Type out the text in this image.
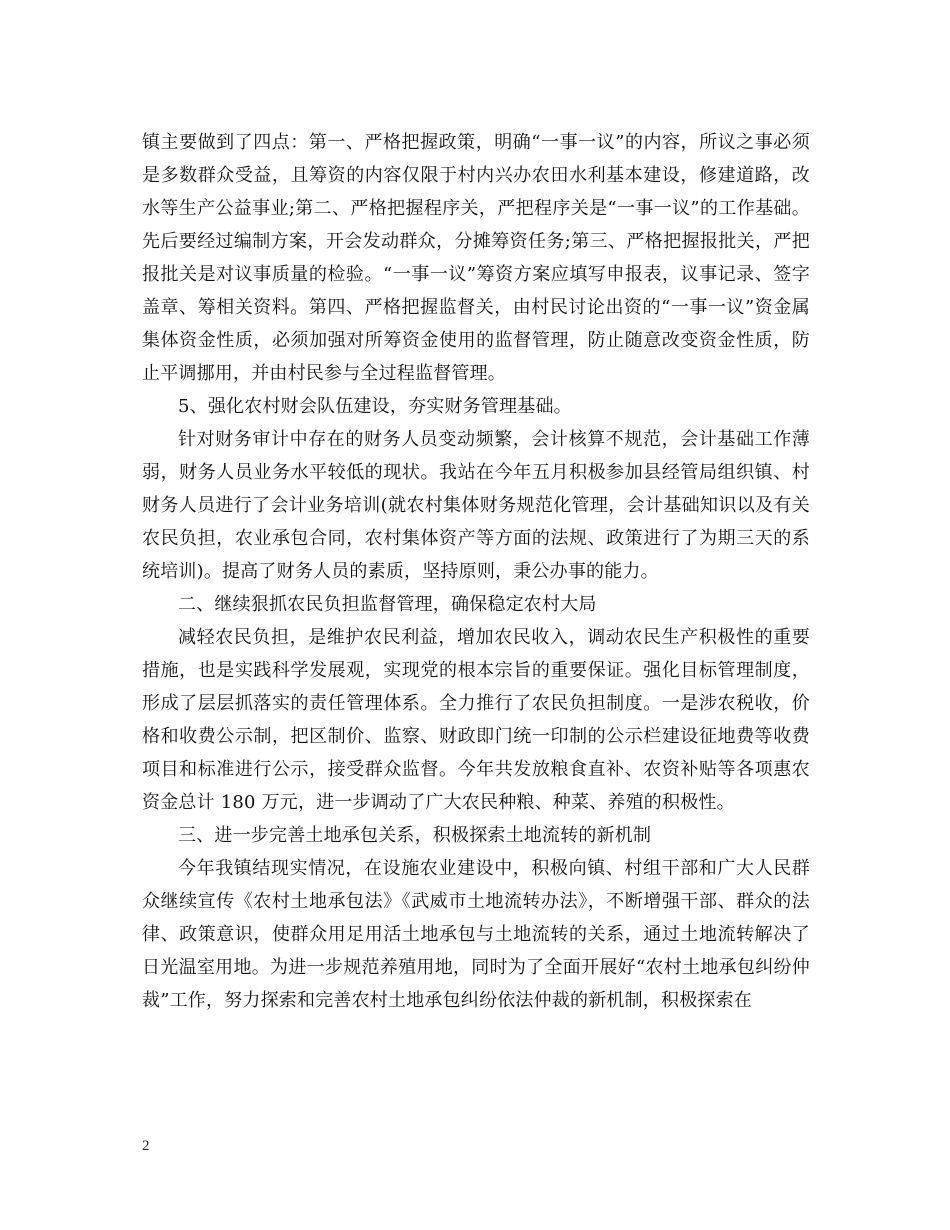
镇主要做到了四点：第一、严格把握政策，明确“一事一议”的内容，所议之事必须是多数群众受益，且筹资的内容仅限于村内兴办农田水利基本建设，修建道路，改水等生产公益事业;第二、严格把握程序关，严把程序关是“一事一议”的工作基础。先后要经过编制方案，开会发动群众，分摊筹资任务;第三、严格把握报批关，严把报批关是对议事质量的检验。“一事一议”筹资方案应填写申报表，议事记录、签字盖章、筹相关资料。第四、严格把握监督关，由村民讨论出资的“一事一议”资金属集体资金性质，必须加强对所筹资金使用的监督管理，防止随意改变资金性质，防止平调挪用，并由村民参与全过程监督管理。

5、强化农村财会队伍建设，夯实财务管理基础。

针对财务审计中存在的财务人员变动频繁，会计核算不规范，会计基础工作薄弱，财务人员业务水平较低的现状。我站在今年五月积极参加县经管局组织镇、村财务人员进行了会计业务培训(就农村集体财务规范化管理，会计基础知识以及有关农民负担，农业承包合同，农村集体资产等方面的法规、政策进行了为期三天的系统培训)。提高了财务人员的素质，坚持原则，秉公办事的能力。

二、继续狠抓农民负担监督管理，确保稳定农村大局

减轻农民负担，是维护农民利益，增加农民收入，调动农民生产积极性的重要措施，也是实践科学发展观，实现党的根本宗旨的重要保证。强化目标管理制度，形成了层层抓落实的责任管理体系。全力推行了农民负担制度。一是涉农税收，价格和收费公示制，把区制价、监察、财政即门统一印制的公示栏建设征地费等收费项目和标准进行公示，接受群众监督。今年共发放粮食直补、农资补贴等各项惠农资金总计 180 万元，进一步调动了广大农民种粮、种菜、养殖的积极性。

三、进一步完善土地承包关系，积极探索土地流转的新机制

今年我镇结现实情况，在设施农业建设中，积极向镇、村组干部和广大人民群众继续宣传《农村土地承包法》《武威市土地流转办法》，不断增强干部、群众的法律、政策意识，使群众用足用活土地承包与土地流转的关系，通过土地流转解决了日光温室用地。为进一步规范养殖用地，同时为了全面开展好“农村土地承包纠纷仲裁”工作，努力探索和完善农村土地承包纠纷依法仲裁的新机制，积极探索在

2
